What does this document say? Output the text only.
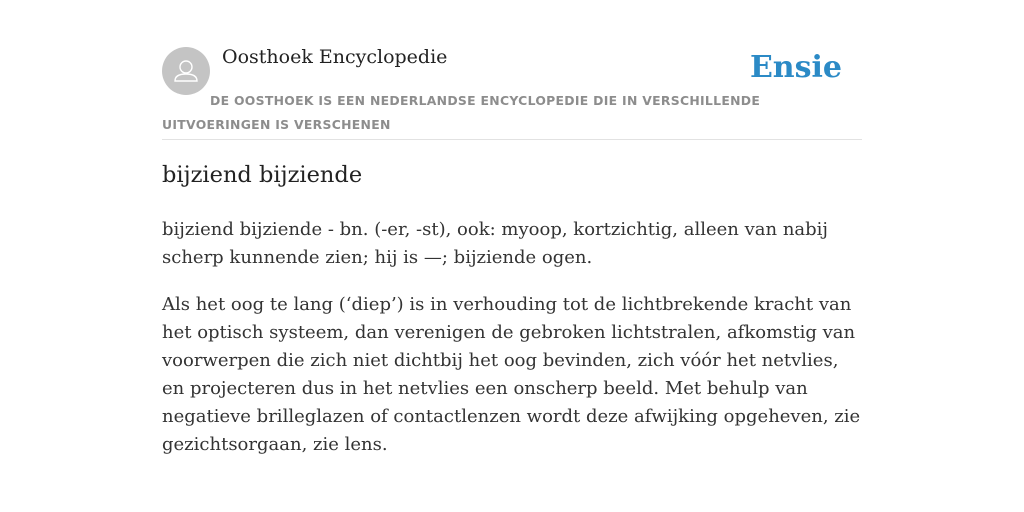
Oosthoek Encyclopedie	Ensie
DE OOSTHOEK IS EEN NEDERLANDSE ENCYCLOPEDIE DIE IN VERSCHILLENDE UITVOERINGEN IS VERSCHENEN
bijziend bijziende

bijziend bijziende - bn. (-er, -st), ook: myoop, kortzichtig, alleen van nabij scherp kunnende zien; hij is —; bijziende ogen.

Als het oog te lang (‘diep’) is in verhouding tot de lichtbrekende kracht van het optisch systeem, dan verenigen de gebroken lichtstralen, afkomstig van voorwerpen die zich niet dichtbij het oog bevinden, zich vóór het netvlies, en projecteren dus in het netvlies een onscherp beeld. Met behulp van negatieve brilleglazen of contactlenzen wordt deze afwijking opgeheven, zie gezichtsorgaan, zie lens.
